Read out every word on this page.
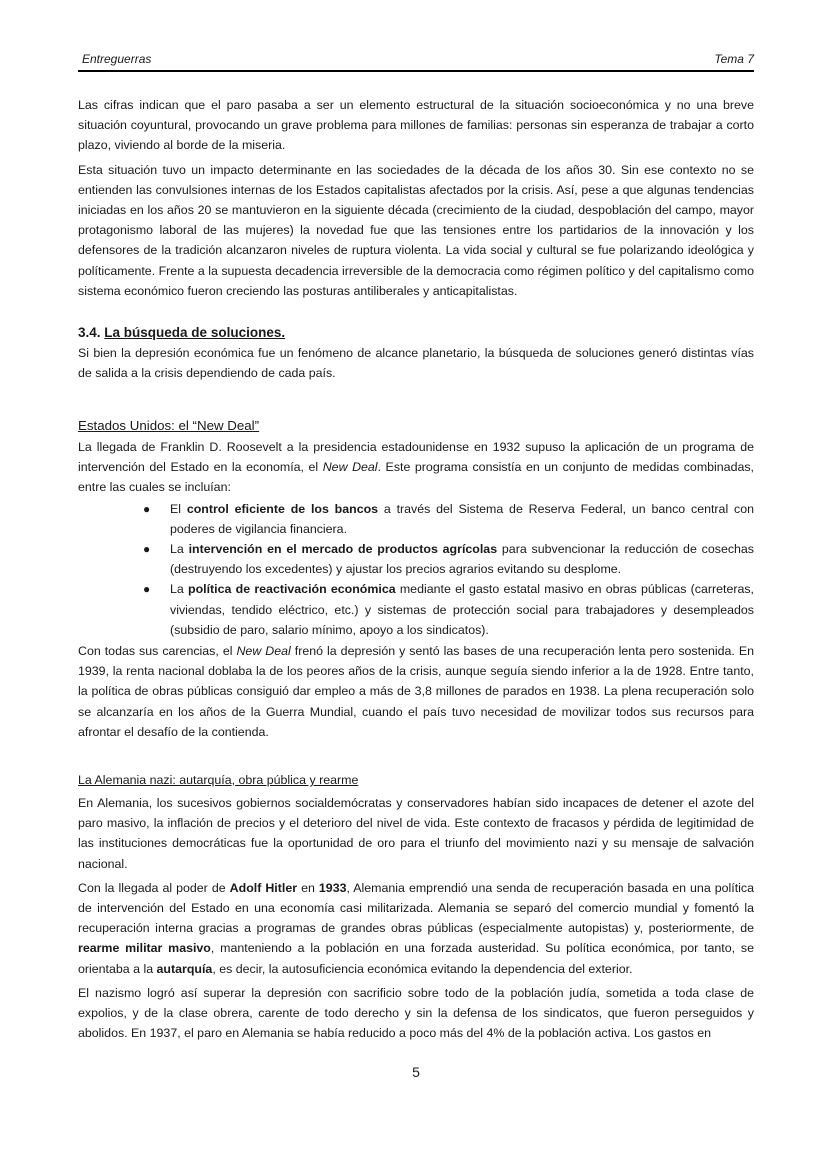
Entreguerras	Tema 7

Las cifras indican que el paro pasaba a ser un elemento estructural de la situación socioeconómica y no una breve situación coyuntural, provocando un grave problema para millones de familias: personas sin esperanza de trabajar a corto plazo, viviendo al borde de la miseria.

Esta situación tuvo un impacto determinante en las sociedades de la década de los años 30. Sin ese contexto no se entienden las convulsiones internas de los Estados capitalistas afectados por la crisis. Así, pese a que algunas tendencias iniciadas en los años 20 se mantuvieron en la siguiente década (crecimiento de la ciudad, despoblación del campo, mayor protagonismo laboral de las mujeres) la novedad fue que las tensiones entre los partidarios de la innovación y los defensores de la tradición alcanzaron niveles de ruptura violenta. La vida social y cultural se fue polarizando ideológica y políticamente. Frente a la supuesta decadencia irreversible de la democracia como régimen político y del capitalismo como sistema económico fueron creciendo las posturas antiliberales y anticapitalistas.

3.4. La búsqueda de soluciones.

Si bien la depresión económica fue un fenómeno de alcance planetario, la búsqueda de soluciones generó distintas vías de salida a la crisis dependiendo de cada país.

Estados Unidos: el “New Deal”

La llegada de Franklin D. Roosevelt a la presidencia estadounidense en 1932 supuso la aplicación de un programa de intervención del Estado en la economía, el New Deal. Este programa consistía en un conjunto de medidas combinadas, entre las cuales se incluían:

● El control eficiente de los bancos a través del Sistema de Reserva Federal, un banco central con poderes de vigilancia financiera.
● La intervención en el mercado de productos agrícolas para subvencionar la reducción de cosechas (destruyendo los excedentes) y ajustar los precios agrarios evitando su desplome.
● La política de reactivación económica mediante el gasto estatal masivo en obras públicas (carreteras, viviendas, tendido eléctrico, etc.) y sistemas de protección social para trabajadores y desempleados (subsidio de paro, salario mínimo, apoyo a los sindicatos).

Con todas sus carencias, el New Deal frenó la depresión y sentó las bases de una recuperación lenta pero sostenida. En 1939, la renta nacional doblaba la de los peores años de la crisis, aunque seguía siendo inferior a la de 1928. Entre tanto, la política de obras públicas consiguió dar empleo a más de 3,8 millones de parados en 1938. La plena recuperación solo se alcanzaría en los años de la Guerra Mundial, cuando el país tuvo necesidad de movilizar todos sus recursos para afrontar el desafío de la contienda.

La Alemania nazi: autarquía, obra pública y rearme

En Alemania, los sucesivos gobiernos socialdemócratas y conservadores habían sido incapaces de detener el azote del paro masivo, la inflación de precios y el deterioro del nivel de vida. Este contexto de fracasos y pérdida de legitimidad de las instituciones democráticas fue la oportunidad de oro para el triunfo del movimiento nazi y su mensaje de salvación nacional.

Con la llegada al poder de Adolf Hitler en 1933, Alemania emprendió una senda de recuperación basada en una política de intervención del Estado en una economía casi militarizada. Alemania se separó del comercio mundial y fomentó la recuperación interna gracias a programas de grandes obras públicas (especialmente autopistas) y, posteriormente, de rearme militar masivo, manteniendo a la población en una forzada austeridad. Su política económica, por tanto, se orientaba a la autarquía, es decir, la autosuficiencia económica evitando la dependencia del exterior.

El nazismo logró así superar la depresión con sacrificio sobre todo de la población judía, sometida a toda clase de expolios, y de la clase obrera, carente de todo derecho y sin la defensa de los sindicatos, que fueron perseguidos y abolidos. En 1937, el paro en Alemania se había reducido a poco más del 4% de la población activa. Los gastos en

5
